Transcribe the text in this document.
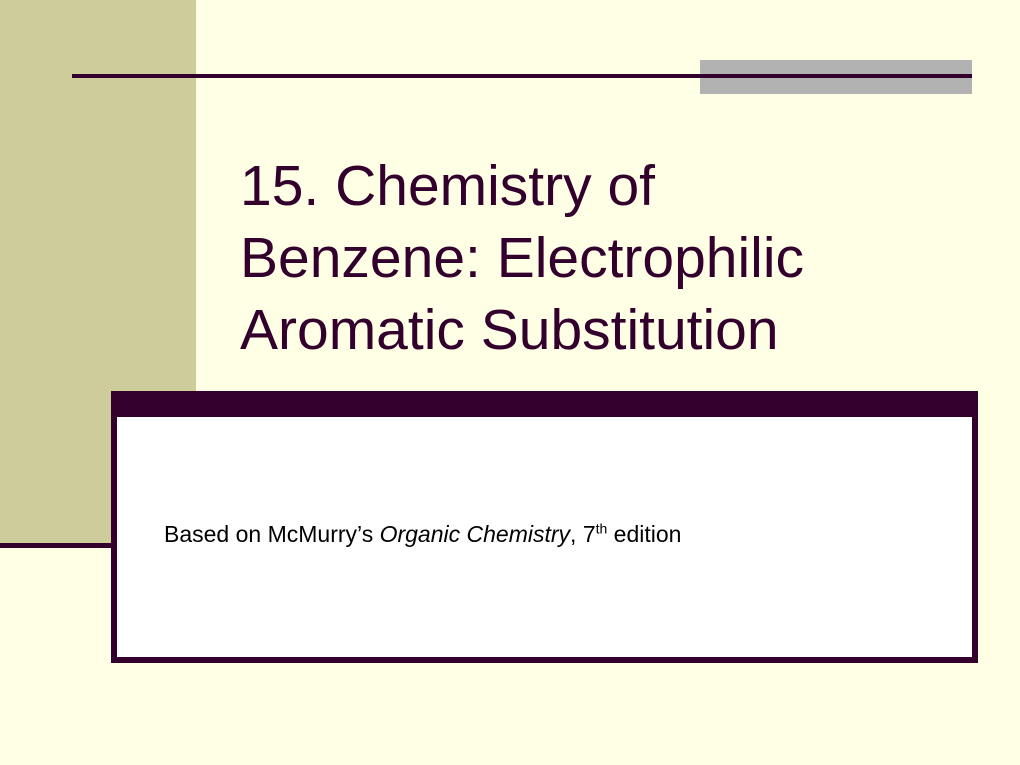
15. Chemistry of
Benzene: Electrophilic
Aromatic Substitution

Based on McMurry’s Organic Chemistry, 7th edition
